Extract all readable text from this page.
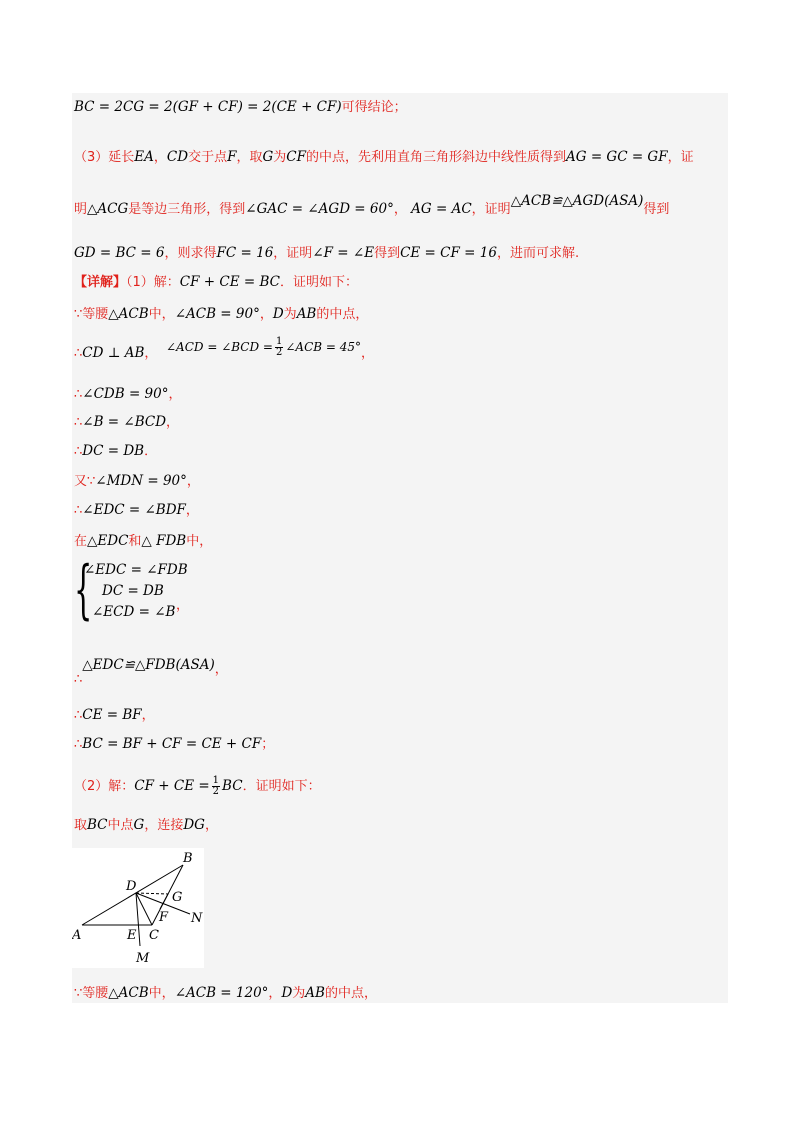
BC = 2CG = 2(GF + CF) = 2(CE + CF)可得结论；
（3）延长EA，CD交于点F，取G为CF的中点，先利用直角三角形斜边中线性质得到AG = GC = GF，证
明△ACG是等边三角形，得到∠GAC = ∠AGD = 60°， AG = AC，证明△ACB≌△AGD(ASA)得到
GD = BC = 6，则求得FC = 16，证明∠F = ∠E得到CE = CF = 16，进而可求解.
【详解】（1）解：CF + CE = BC．证明如下：
∵等腰△ACB中，∠ACB = 90°，D为AB的中点，
∴CD ⊥ AB， ∠ACD = ∠BCD = $\frac{1}{2}$ ∠ACB = 45°，
∴∠CDB = 90°，
∴∠B = ∠BCD，
∴DC = DB．
又∵∠MDN = 90°，
∴∠EDC = ∠BDF，
在△EDC和△ FDB中，
{
∠EDC = ∠FDB
DC = DB
∠ECD = ∠B ，
∴△EDC≌△FDB(ASA)，
∴CE = BF，
∴BC = BF + CF = CE + CF；
（2）解：CF + CE = $\frac{1}{2}$ BC．证明如下：
取BC中点G，连接DG，
A
B
C
D
E
F
G
M
N
∵等腰△ACB中，∠ACB = 120°，D为AB的中点，
